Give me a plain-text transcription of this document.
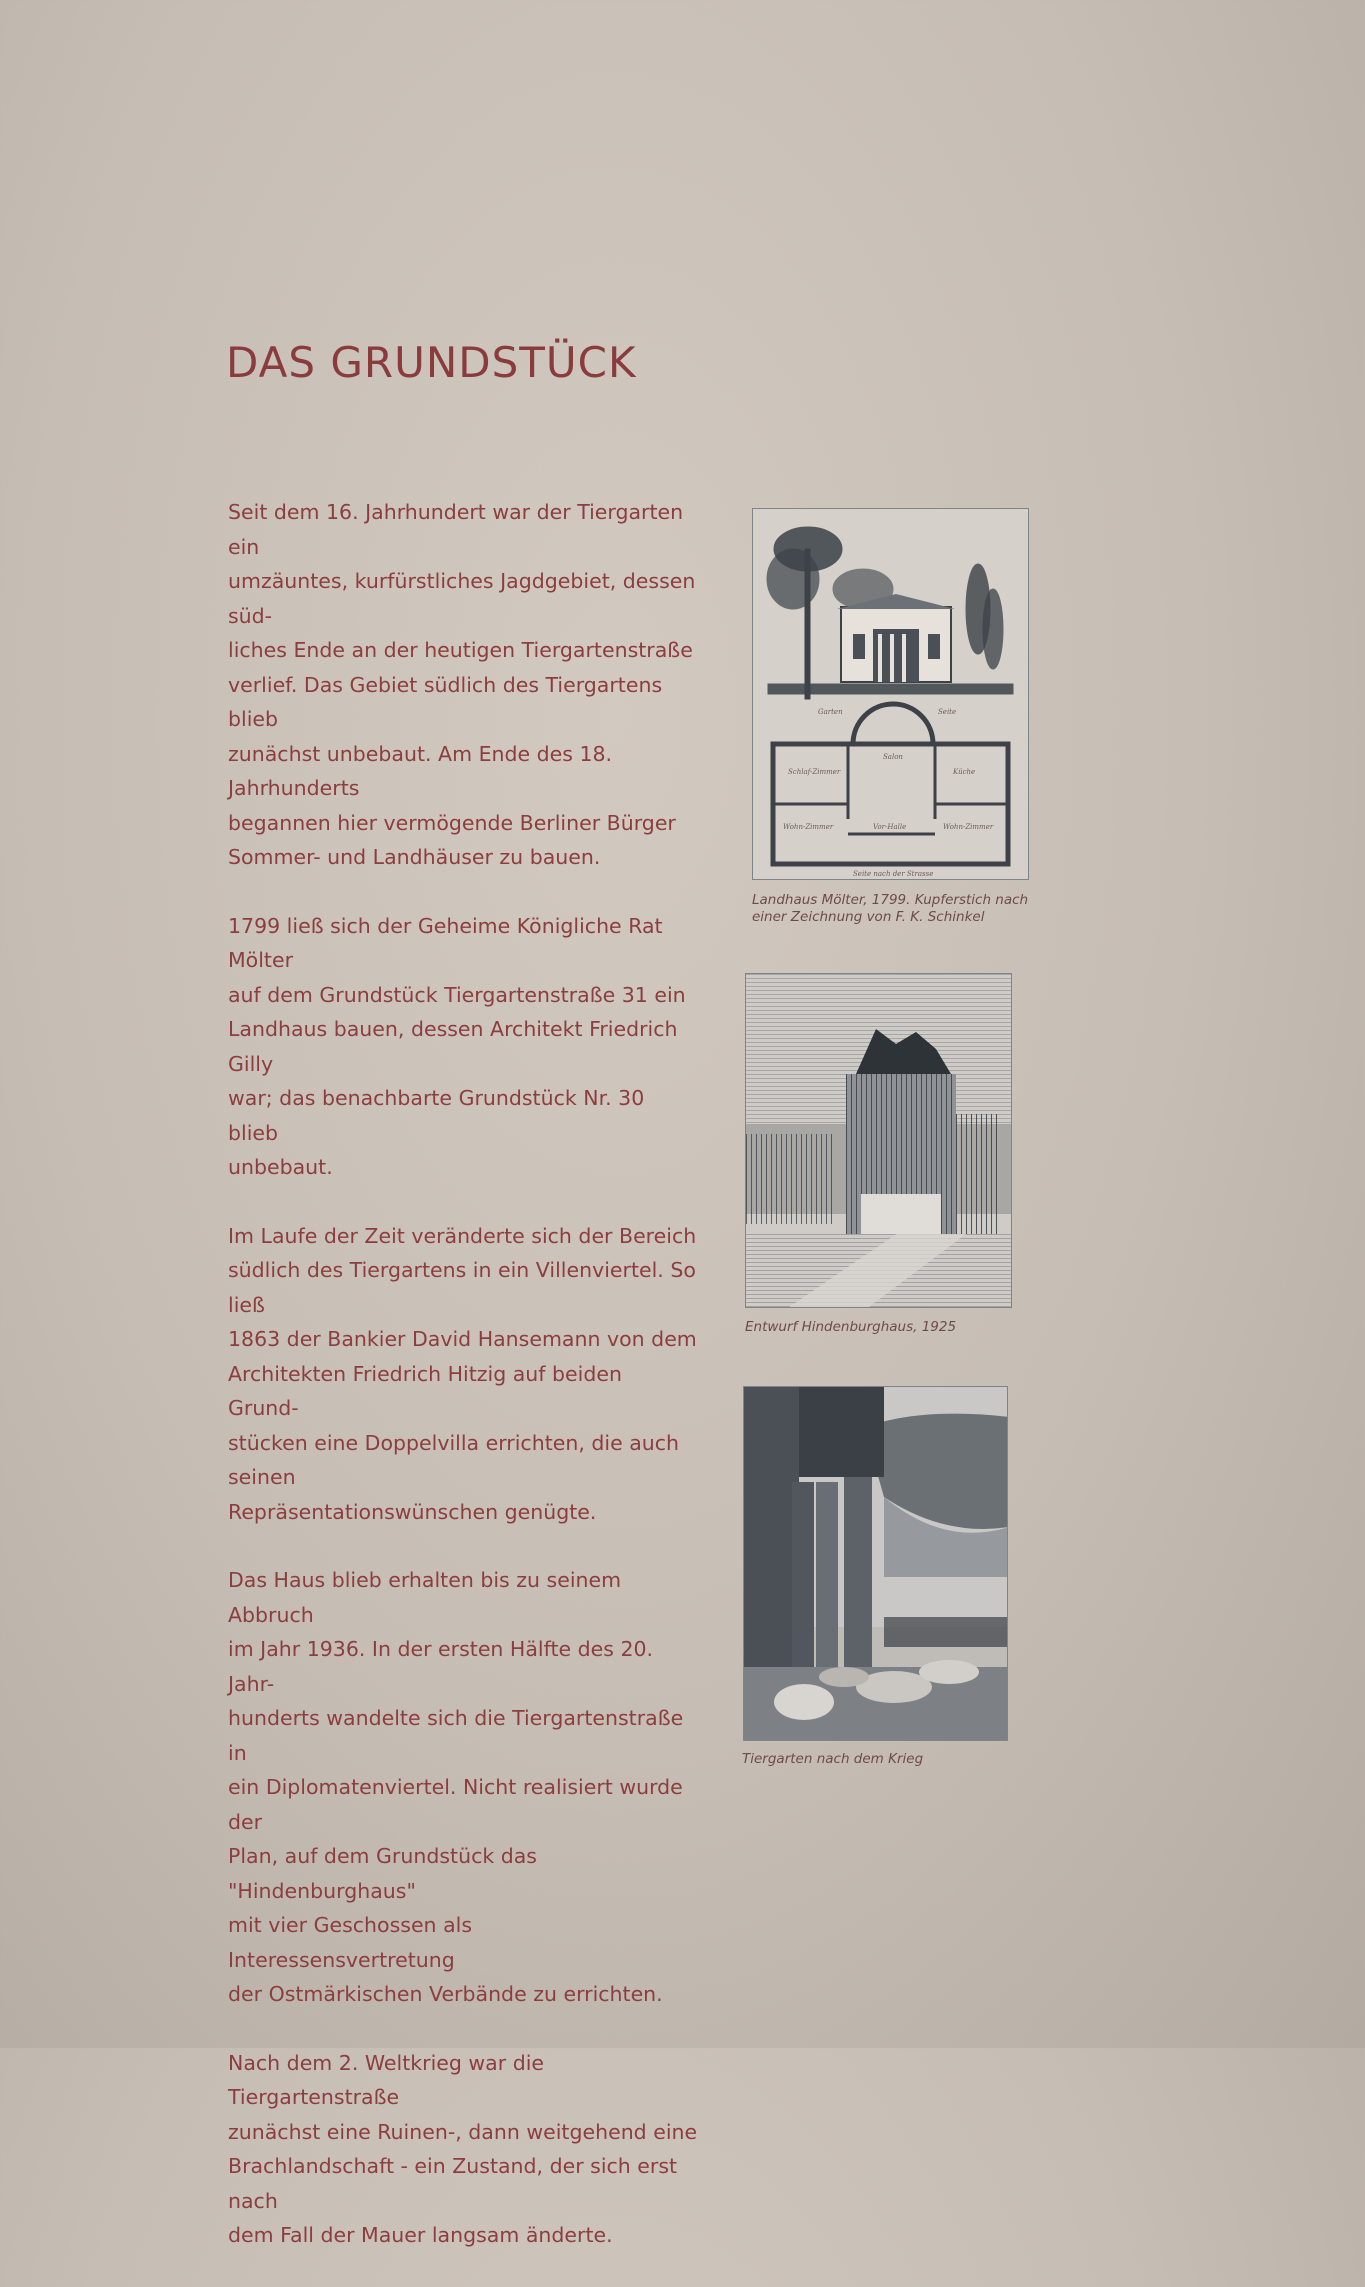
DAS GRUNDSTÜCK

Seit dem 16. Jahrhundert war der Tiergarten ein
umzäuntes, kurfürstliches Jagdgebiet, dessen süd-
liches Ende an der heutigen Tiergartenstraße
verlief. Das Gebiet südlich des Tiergartens blieb
zunächst unbebaut. Am Ende des 18. Jahrhunderts
begannen hier vermögende Berliner Bürger
Sommer- und Landhäuser zu bauen.

1799 ließ sich der Geheime Königliche Rat Mölter
auf dem Grundstück Tiergartenstraße 31 ein
Landhaus bauen, dessen Architekt Friedrich Gilly
war; das benachbarte Grundstück Nr. 30 blieb
unbebaut.

Im Laufe der Zeit veränderte sich der Bereich
südlich des Tiergartens in ein Villenviertel. So ließ
1863 der Bankier David Hansemann von dem
Architekten Friedrich Hitzig auf beiden Grund-
stücken eine Doppelvilla errichten, die auch seinen
Repräsentationswünschen genügte.

Das Haus blieb erhalten bis zu seinem Abbruch
im Jahr 1936. In der ersten Hälfte des 20. Jahr-
hunderts wandelte sich die Tiergartenstraße in
ein Diplomatenviertel. Nicht realisiert wurde der
Plan, auf dem Grundstück das "Hindenburghaus"
mit vier Geschossen als Interessensvertretung
der Ostmärkischen Verbände zu errichten.

Nach dem 2. Weltkrieg war die Tiergartenstraße
zunächst eine Ruinen-, dann weitgehend eine
Brachlandschaft - ein Zustand, der sich erst nach
dem Fall der Mauer langsam änderte.

Garten	Seite
Salon
Schlaf-Zimmer	Küche
Wohn-Zimmer	Vor-Halle	Wohn-Zimmer
Seite nach der Strasse
Landhaus Mölter, 1799. Kupferstich nach
einer Zeichnung von F. K. Schinkel
Entwurf Hindenburghaus, 1925
Tiergarten nach dem Krieg
